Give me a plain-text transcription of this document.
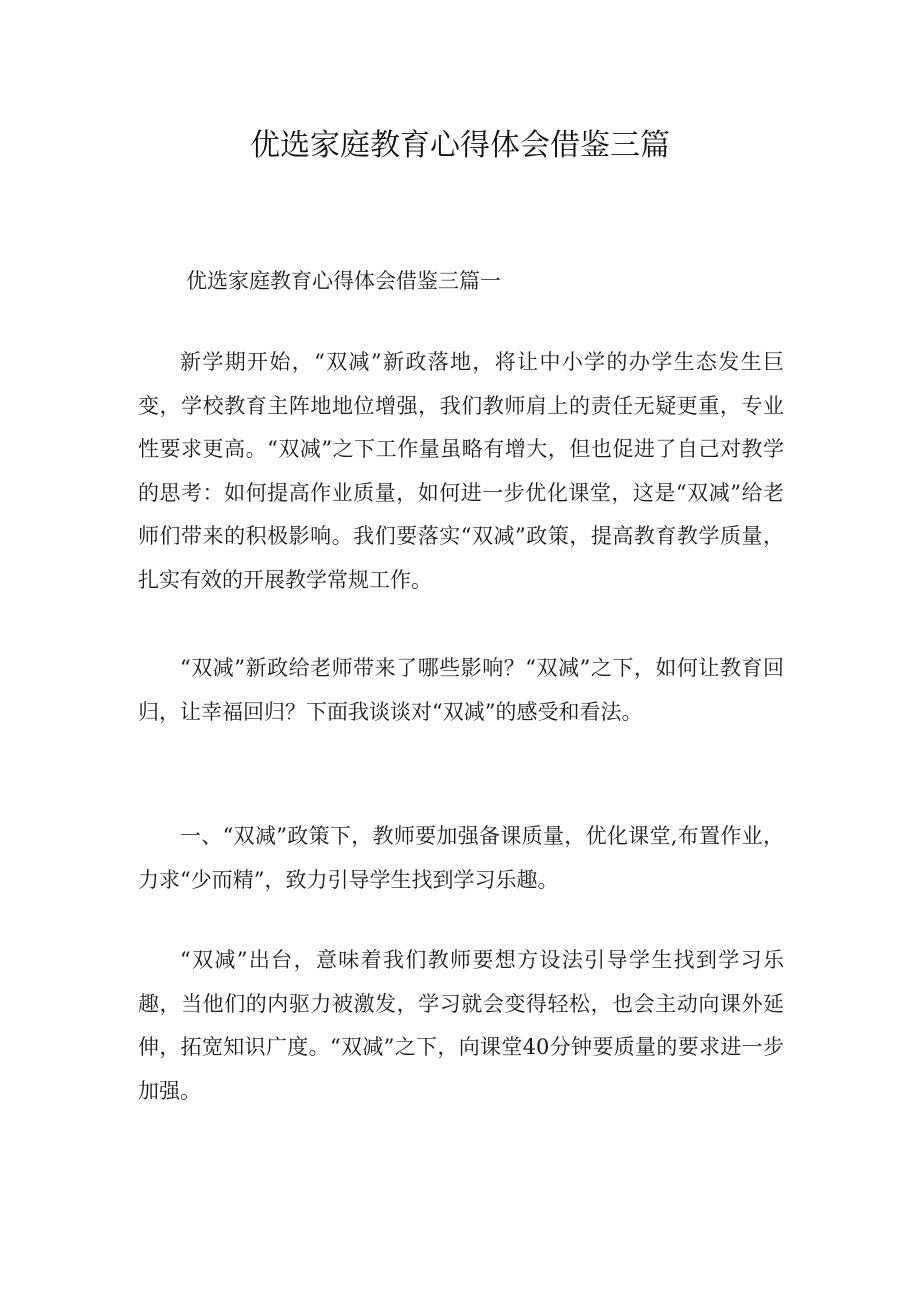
优选家庭教育心得体会借鉴三篇

优选家庭教育心得体会借鉴三篇一

新学期开始，“双减”新政落地，将让中小学的办学生态发生巨变，学校教育主阵地地位增强，我们教师肩上的责任无疑更重，专业性要求更高。“双减”之下工作量虽略有增大，但也促进了自己对教学的思考：如何提高作业质量，如何进一步优化课堂，这是“双减”给老师们带来的积极影响。我们要落实“双减”政策，提高教育教学质量，扎实有效的开展教学常规工作。

“双减”新政给老师带来了哪些影响？“双减”之下，如何让教育回归，让幸福回归？下面我谈谈对“双减”的感受和看法。

一、“双减”政策下，教师要加强备课质量，优化课堂,布置作业，力求“少而精”，致力引导学生找到学习乐趣。

“双减”出台，意味着我们教师要想方设法引导学生找到学习乐趣，当他们的内驱力被激发，学习就会变得轻松，也会主动向课外延伸，拓宽知识广度。“双减”之下，向课堂40分钟要质量的要求进一步加强。
